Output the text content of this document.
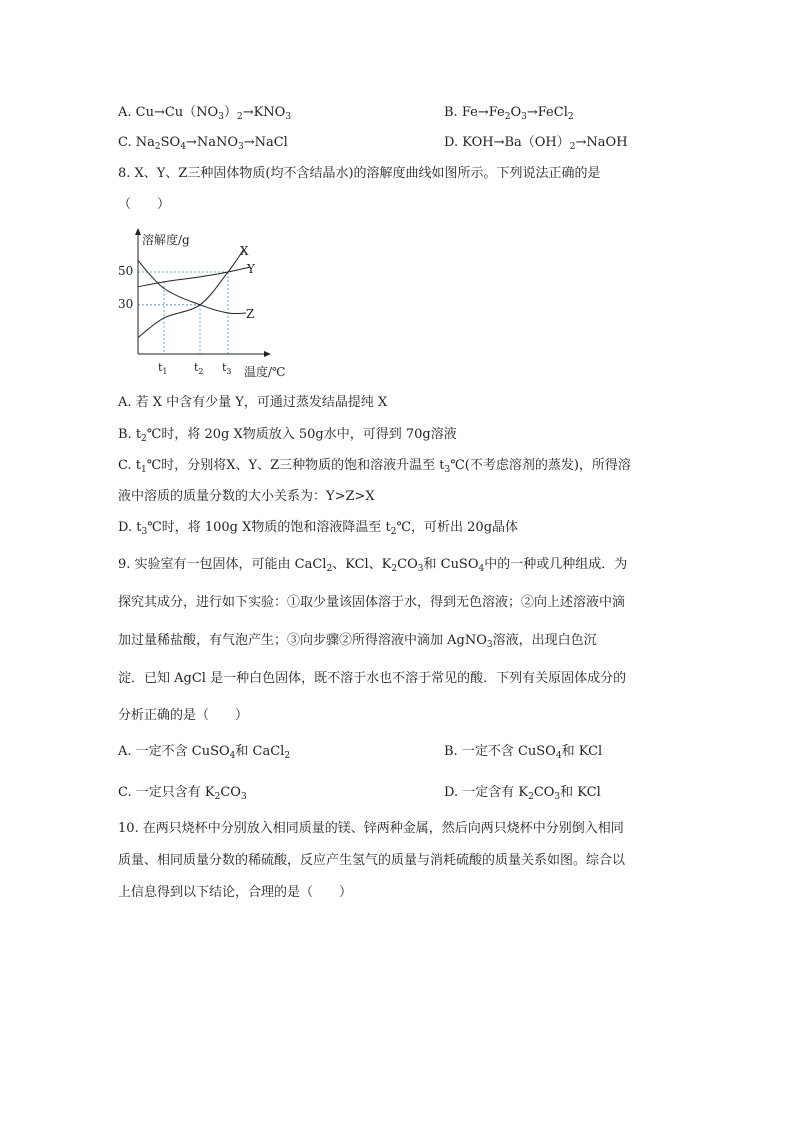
A. $Cu\to Cu(NO_3)_2\to KNO_3$	B. $Fe\to Fe_2O_3\to FeCl_2$
C. $Na_2SO_4\to NaNO_3\to NaCl$	D. $KOH\to Ba(OH)_2\to NaOH$
8. X、Y、Z三种固体物质(均不含结晶水)的溶解度曲线如图所示。下列说法正确的是
（　　）
溶解度/g
温度/℃
50
30
$t_1$ $t_2$ $t_3$
X
Y
Z
A. 若 X 中含有少量 Y，可通过蒸发结晶提纯 X
B. $t_2℃$时，将 20g X物质放入 50g水中，可得到 70g溶液
C. $t_1℃$时，分别将X、Y、Z三种物质的饱和溶液升温至 $t_3℃$(不考虑溶剂的蒸发)，所得溶
液中溶质的质量分数的大小关系为：Y>Z>X
D. $t_3℃$时，将 100g X物质的饱和溶液降温至 $t_2℃$，可析出 20g晶体
9. 实验室有一包固体，可能由 CaCl$_2$、KCl、$K_2CO_3$和 CuSO$_4$中的一种或几种组成．为
探究其成分，进行如下实验：①取少量该固体溶于水，得到无色溶液；②向上述溶液中滴
加过量稀盐酸，有气泡产生；③向步骤②所得溶液中滴加 AgNO$_3$溶液，出现白色沉
淀．已知 AgCl 是一种白色固体，既不溶于水也不溶于常见的酸．下列有关原固体成分的
分析正确的是（　　）
A. 一定不含 CuSO$_4$和 CaCl$_2$	B. 一定不含 CuSO$_4$和 KCl
C. 一定只含有 $K_2CO_3$	D. 一定含有 $K_2CO_3$和 KCl
10. 在两只烧杯中分别放入相同质量的镁、锌两种金属，然后向两只烧杯中分别倒入相同
质量、相同质量分数的稀硫酸，反应产生氢气的质量与消耗硫酸的质量关系如图。综合以
上信息得到以下结论，合理的是（　　）
